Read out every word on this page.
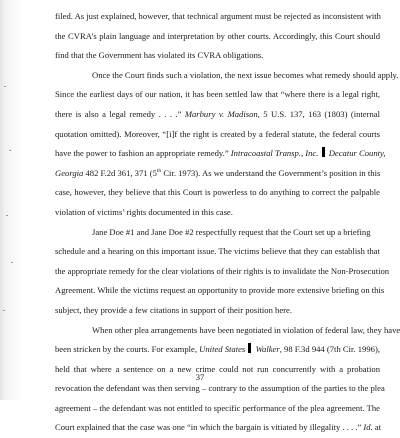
filed. As just explained, however, that technical argument must be rejected as inconsistent with
the CVRA’s plain language and interpretation by other courts. Accordingly, this Court should
find that the Government has violated its CVRA obligations.
Once the Court finds such a violation, the next issue becomes what remedy should apply.
Since the earliest days of our nation, it has been settled law that “where there is a legal right,
there is also a legal remedy . . . .” Marbury v. Madison, 5 U.S. 137, 163 (1803) (internal
quotation omitted). Moreover, “[i]f the right is created by a federal statute, the federal courts
have the power to fashion an appropriate remedy.” Intracoastal Transp., Inc. Decatur County,
Georgia 482 F.2d 361, 371 (5th Cir. 1973). As we understand the Government’s position in this
case, however, they believe that this Court is powerless to do anything to correct the palpable
violation of victims’ rights documented in this case.
Jane Doe #1 and Jane Doe #2 respectfully request that the Court set up a briefing
schedule and a hearing on this important issue. The victims believe that they can establish that
the appropriate remedy for the clear violations of their rights is to invalidate the Non-Prosecution
Agreement. While the victims request an opportunity to provide more extensive briefing on this
subject, they provide a few citations in support of their position here.
When other plea arrangements have been negotiated in violation of federal law, they have
been stricken by the courts. For example, United States Walker, 98 F.3d 944 (7th Cir. 1996),
held that where a sentence on a new crime could not run concurrently with a probation
revocation the defendant was then serving – contrary to the assumption of the parties to the plea
agreement – the defendant was not entitled to specific performance of the plea agreement. The
Court explained that the case was one “in which the bargain is vitiated by illegality . . . .” Id. at
37
